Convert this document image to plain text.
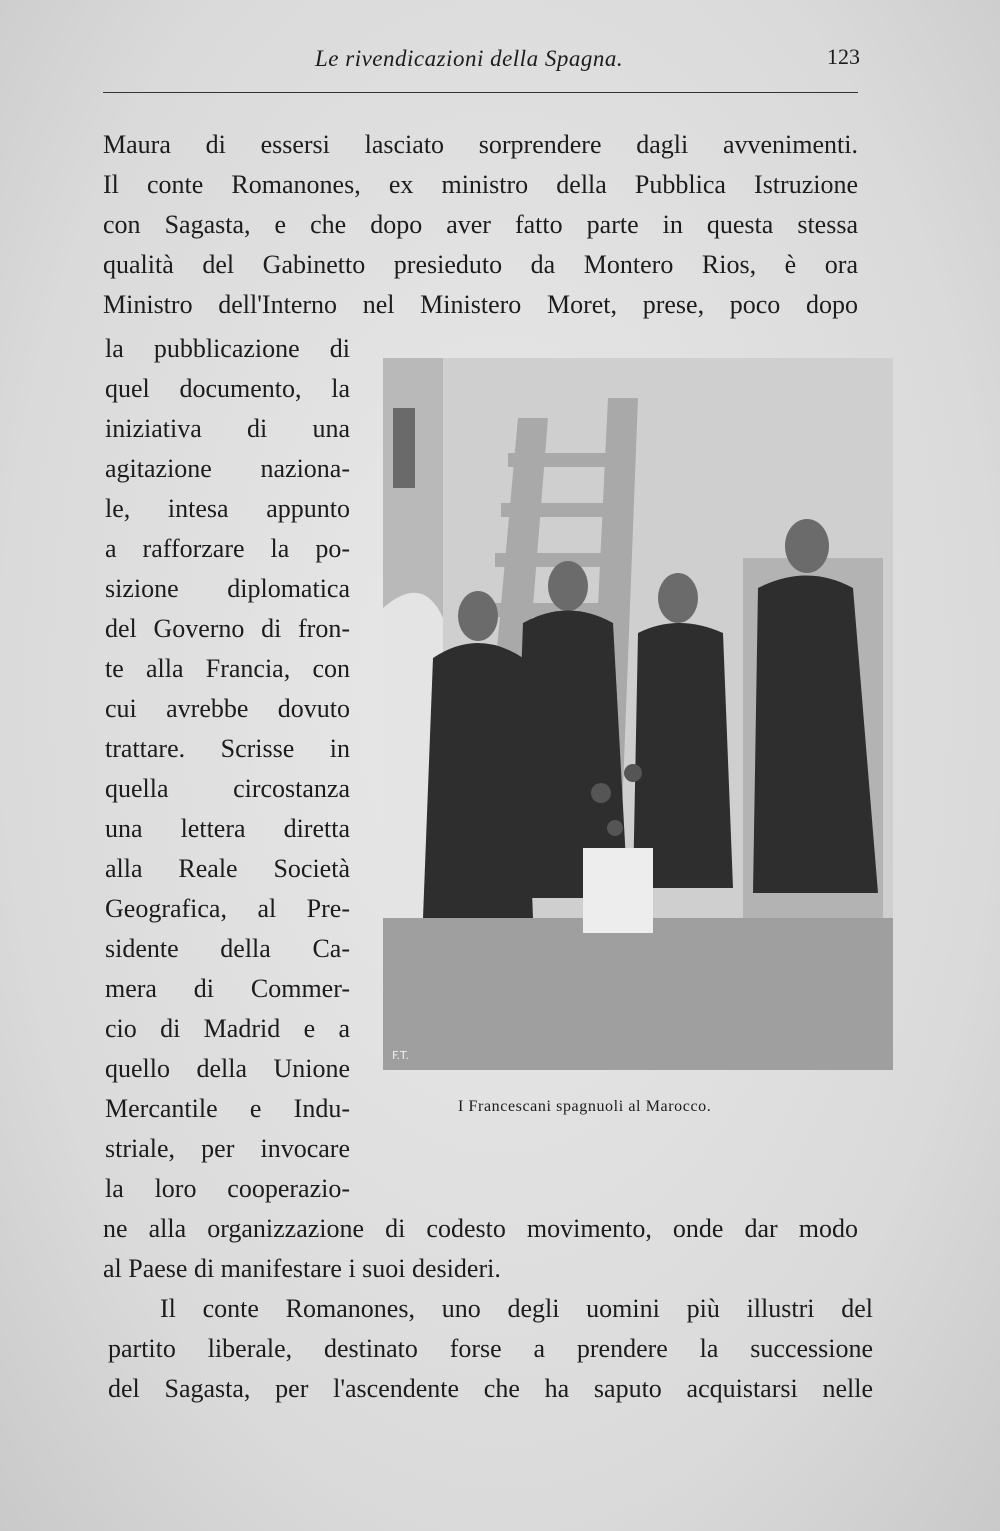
Le rivendicazioni della Spagna.	123
Maura di essersi lasciato sorprendere dagli avvenimenti.
Il conte Romanones, ex ministro della Pubblica Istruzione
con Sagasta, e che dopo aver fatto parte in questa stessa
qualità del Gabinetto presieduto da Montero Rios, è ora
Ministro dell'Interno nel Ministero Moret, prese, poco dopo
la pubblicazione di
quel documento, la
iniziativa di una
agitazione naziona-
le, intesa appunto
a rafforzare la po-
sizione diplomatica
del Governo di fron-
te alla Francia, con
cui avrebbe dovuto
trattare. Scrisse in
quella circostanza
una lettera diretta
alla Reale Società
Geografica, al Pre-
sidente della Ca-
mera di Commer-
cio di Madrid e a
quello della Unione
Mercantile e Indu-
striale, per invocare
la loro cooperazio-
F.T.
I Francescani spagnuoli al Marocco.
ne alla organizzazione di codesto movimento, onde dar modo
al Paese di manifestare i suoi desideri.
Il conte Romanones, uno degli uomini più illustri del
partito liberale, destinato forse a prendere la successione
del Sagasta, per l'ascendente che ha saputo acquistarsi nelle
